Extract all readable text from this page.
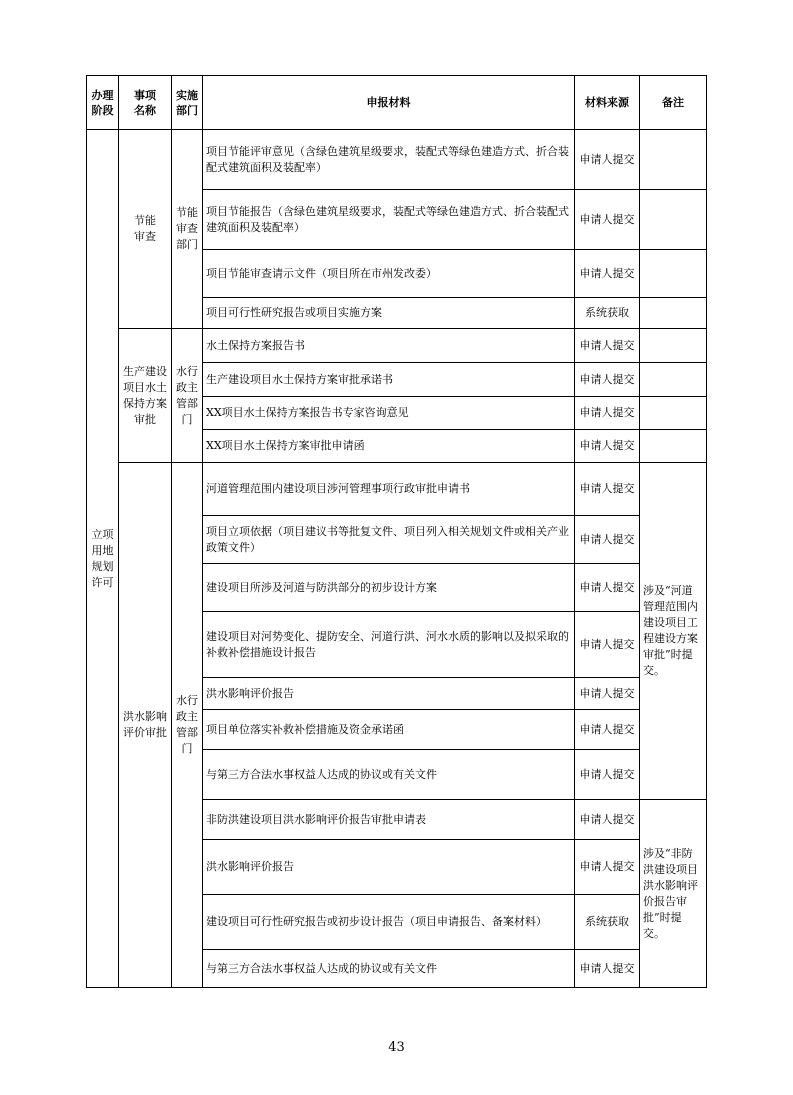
办理阶段	事项名称	实施部门	申报材料	材料来源	备注
立项用地规划许可	节能审查	节能审查部门	项目节能评审意见（含绿色建筑星级要求，装配式等绿色建造方式、折合装配式建筑面积及装配率）	申请人提交	
			项目节能报告（含绿色建筑星级要求，装配式等绿色建造方式、折合装配式建筑面积及装配率）	申请人提交	
			项目节能审查请示文件（项目所在市州发改委）	申请人提交	
			项目可行性研究报告或项目实施方案	系统获取	
	生产建设项目水土保持方案审批	水行政主管部门	水土保持方案报告书	申请人提交	
			生产建设项目水土保持方案审批承诺书	申请人提交	
			XX项目水土保持方案报告书专家咨询意见	申请人提交	
			XX项目水土保持方案审批申请函	申请人提交	
	洪水影响评价审批	水行政主管部门	河道管理范围内建设项目涉河管理事项行政审批申请书	申请人提交	涉及“河道管理范围内建设项目工程建设方案审批”时提交。
			项目立项依据（项目建议书等批复文件、项目列入相关规划文件或相关产业政策文件）	申请人提交	
			建设项目所涉及河道与防洪部分的初步设计方案	申请人提交	
			建设项目对河势变化、提防安全、河道行洪、河水水质的影响以及拟采取的补救补偿措施设计报告	申请人提交	
			洪水影响评价报告	申请人提交	
			项目单位落实补救补偿措施及资金承诺函	申请人提交	
			与第三方合法水事权益人达成的协议或有关文件	申请人提交	
			非防洪建设项目洪水影响评价报告审批申请表	申请人提交	涉及“非防洪建设项目洪水影响评价报告审批”时提交。
			洪水影响评价报告	申请人提交	
			建设项目可行性研究报告或初步设计报告（项目申请报告、备案材料）	系统获取	
			与第三方合法水事权益人达成的协议或有关文件	申请人提交	
43
